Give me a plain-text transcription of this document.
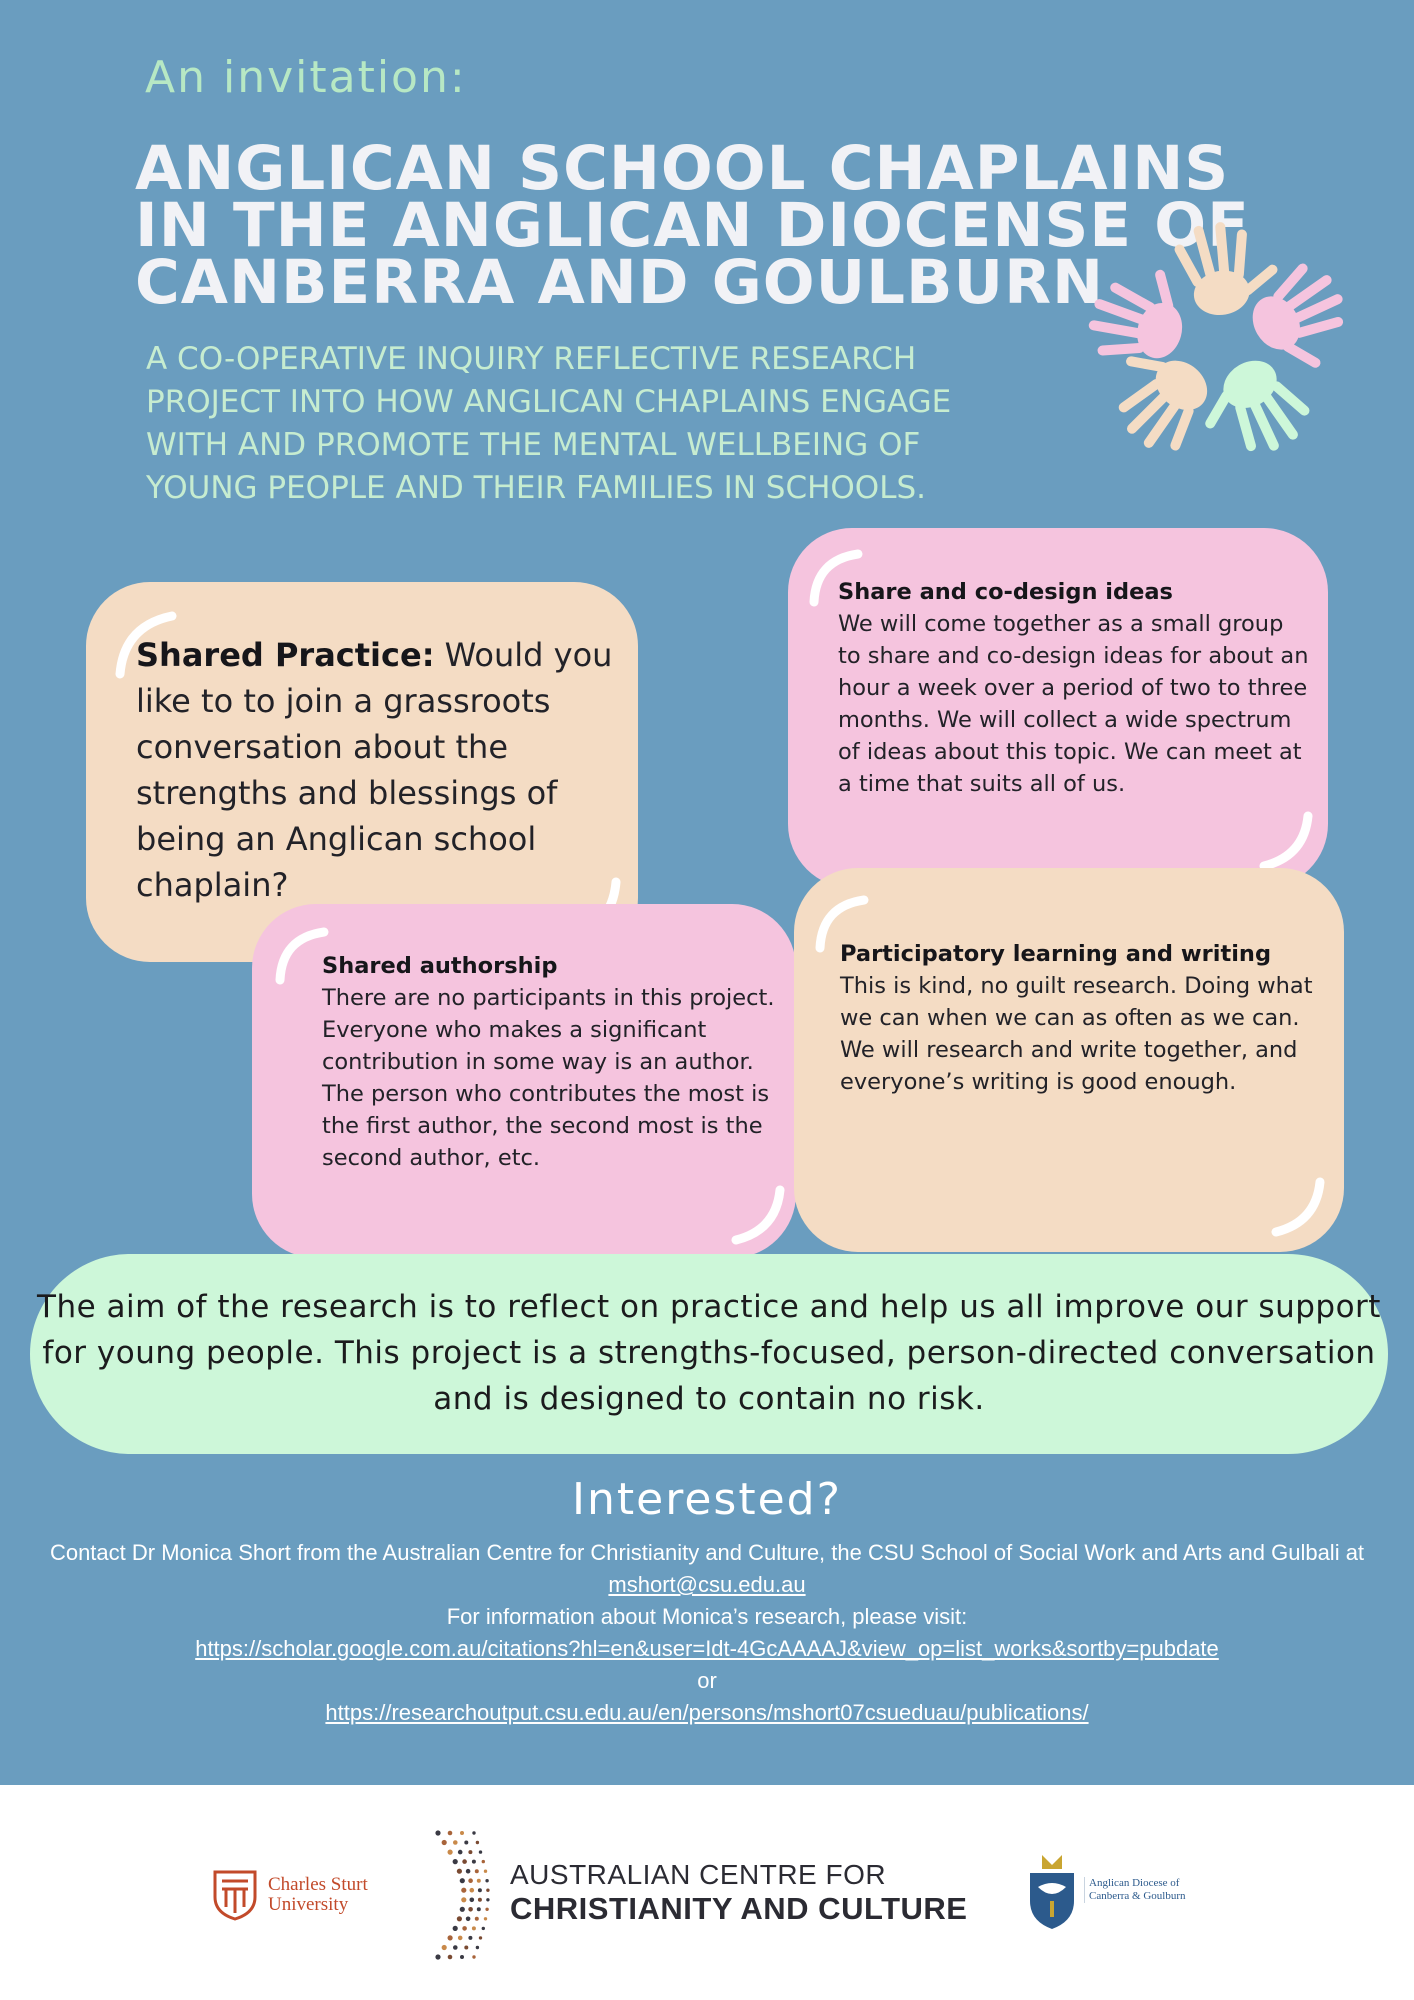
An invitation:
ANGLICAN SCHOOL CHAPLAINS IN THE ANGLICAN DIOCENSE OF CANBERRA AND GOULBURN
A CO-OPERATIVE INQUIRY REFLECTIVE RESEARCH PROJECT INTO HOW ANGLICAN CHAPLAINS ENGAGE WITH AND PROMOTE THE MENTAL WELLBEING OF YOUNG PEOPLE AND THEIR FAMILIES IN SCHOOLS.
Shared Practice: Would you like to to join a grassroots conversation about the strengths and blessings of being an Anglican school chaplain?
Share and co-design ideas
We will come together as a small group to share and co-design ideas for about an hour a week over a period of two to three months. We will collect a wide spectrum of ideas about this topic. We can meet at a time that suits all of us.
Shared authorship
There are no participants in this project. Everyone who makes a significant contribution in some way is an author. The person who contributes the most is the first author, the second most is the second author, etc.
Participatory learning and writing
This is kind, no guilt research. Doing what we can when we can as often as we can. We will research and write together, and everyone’s writing is good enough.

The aim of the research is to reflect on practice and help us all improve our support for young people. This project is a strengths-focused, person-directed conversation and is designed to contain no risk.

Interested?
Contact Dr Monica Short from the Australian Centre for Christianity and Culture, the CSU School of Social Work and Arts and Gulbali at mshort@csu.edu.au
For information about Monica’s research, please visit:
https://scholar.google.com.au/citations?hl=en&user=Idt-4GcAAAAJ&view_op=list_works&sortby=pubdate
or
https://researchoutput.csu.edu.au/en/persons/mshort07csueduau/publications/
Charles Sturt
University
AUSTRALIAN CENTRE FOR
CHRISTIANITY AND CULTURE
Anglican Diocese of
Canberra & Goulburn
